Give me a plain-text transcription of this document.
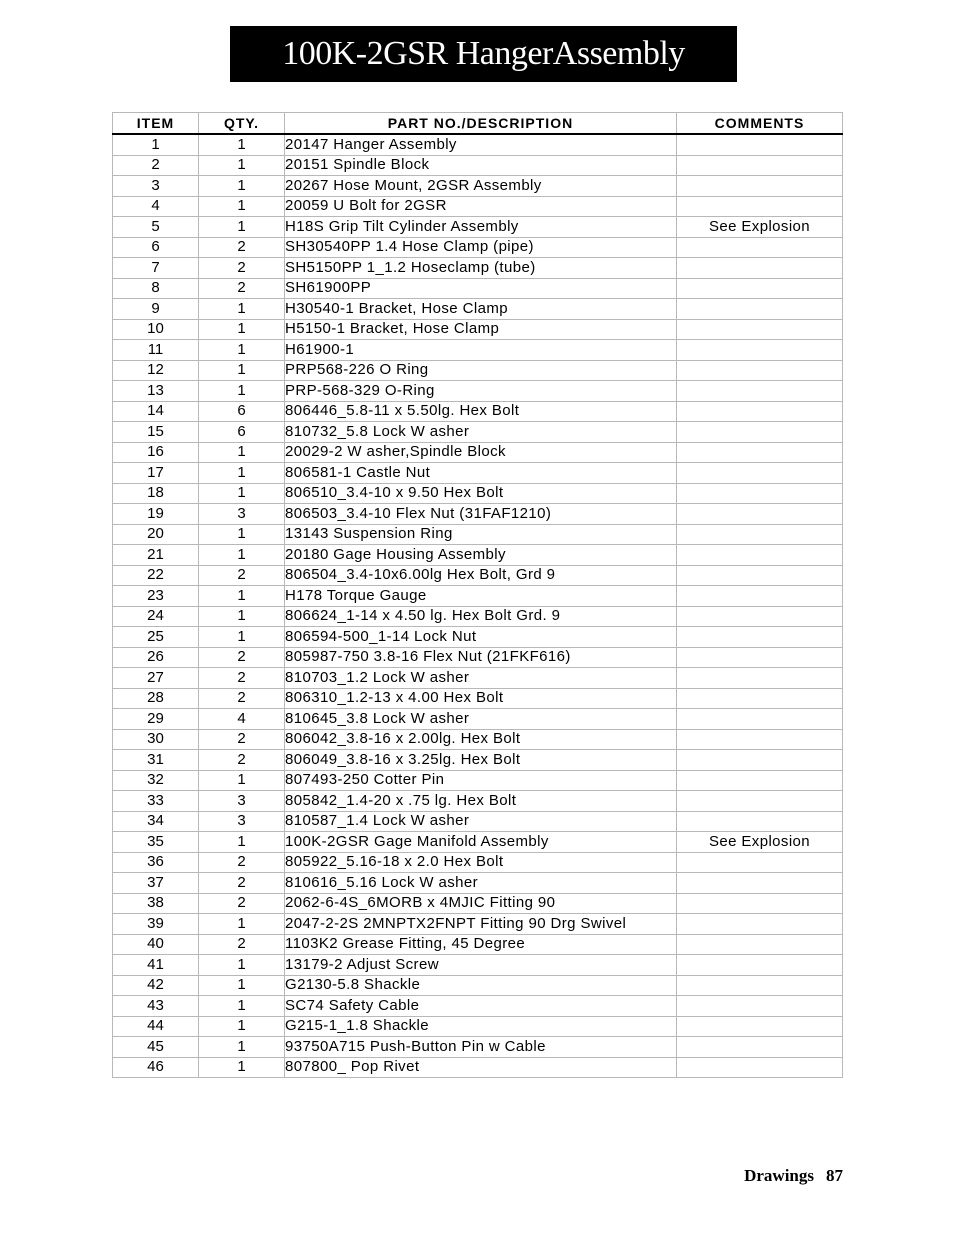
100K-2GSR HangerAssembly
ITEM	QTY.	PART NO./DESCRIPTION	COMMENTS
1	1	20147 Hanger Assembly	
2	1	20151 Spindle Block	
3	1	20267 Hose Mount, 2GSR Assembly	
4	1	20059 U Bolt for 2GSR	
5	1	H18S Grip Tilt Cylinder Assembly	See Explosion
6	2	SH30540PP 1.4 Hose Clamp (pipe)	
7	2	SH5150PP 1_1.2 Hoseclamp (tube)	
8	2	SH61900PP	
9	1	H30540-1 Bracket, Hose Clamp	
10	1	H5150-1 Bracket, Hose Clamp	
11	1	H61900-1	
12	1	PRP568-226 O Ring	
13	1	PRP-568-329 O-Ring	
14	6	806446_5.8-11 x 5.50lg. Hex Bolt	
15	6	810732_5.8 Lock W asher	
16	1	20029-2 W asher,Spindle Block	
17	1	806581-1 Castle Nut	
18	1	806510_3.4-10 x 9.50 Hex Bolt	
19	3	806503_3.4-10 Flex Nut (31FAF1210)	
20	1	13143 Suspension Ring	
21	1	20180 Gage Housing Assembly	
22	2	806504_3.4-10x6.00lg Hex Bolt, Grd 9	
23	1	H178 Torque Gauge	
24	1	806624_1-14 x 4.50 lg. Hex Bolt Grd. 9	
25	1	806594-500_1-14 Lock Nut	
26	2	805987-750 3.8-16 Flex Nut (21FKF616)	
27	2	810703_1.2 Lock W asher	
28	2	806310_1.2-13 x 4.00 Hex Bolt	
29	4	810645_3.8 Lock W asher	
30	2	806042_3.8-16 x 2.00lg. Hex Bolt	
31	2	806049_3.8-16 x 3.25lg. Hex Bolt	
32	1	807493-250 Cotter Pin	
33	3	805842_1.4-20 x .75 lg. Hex Bolt	
34	3	810587_1.4 Lock W asher	
35	1	100K-2GSR Gage Manifold Assembly	See Explosion
36	2	805922_5.16-18 x 2.0 Hex Bolt	
37	2	810616_5.16 Lock W asher	
38	2	2062-6-4S_6MORB x 4MJIC Fitting 90	
39	1	2047-2-2S 2MNPTX2FNPT Fitting 90 Drg Swivel	
40	2	1103K2 Grease Fitting, 45 Degree	
41	1	13179-2 Adjust Screw	
42	1	G2130-5.8 Shackle	
43	1	SC74 Safety Cable	
44	1	G215-1_1.8 Shackle	
45	1	93750A715 Push-Button Pin w Cable	
46	1	807800_ Pop Rivet	
Drawings 87
